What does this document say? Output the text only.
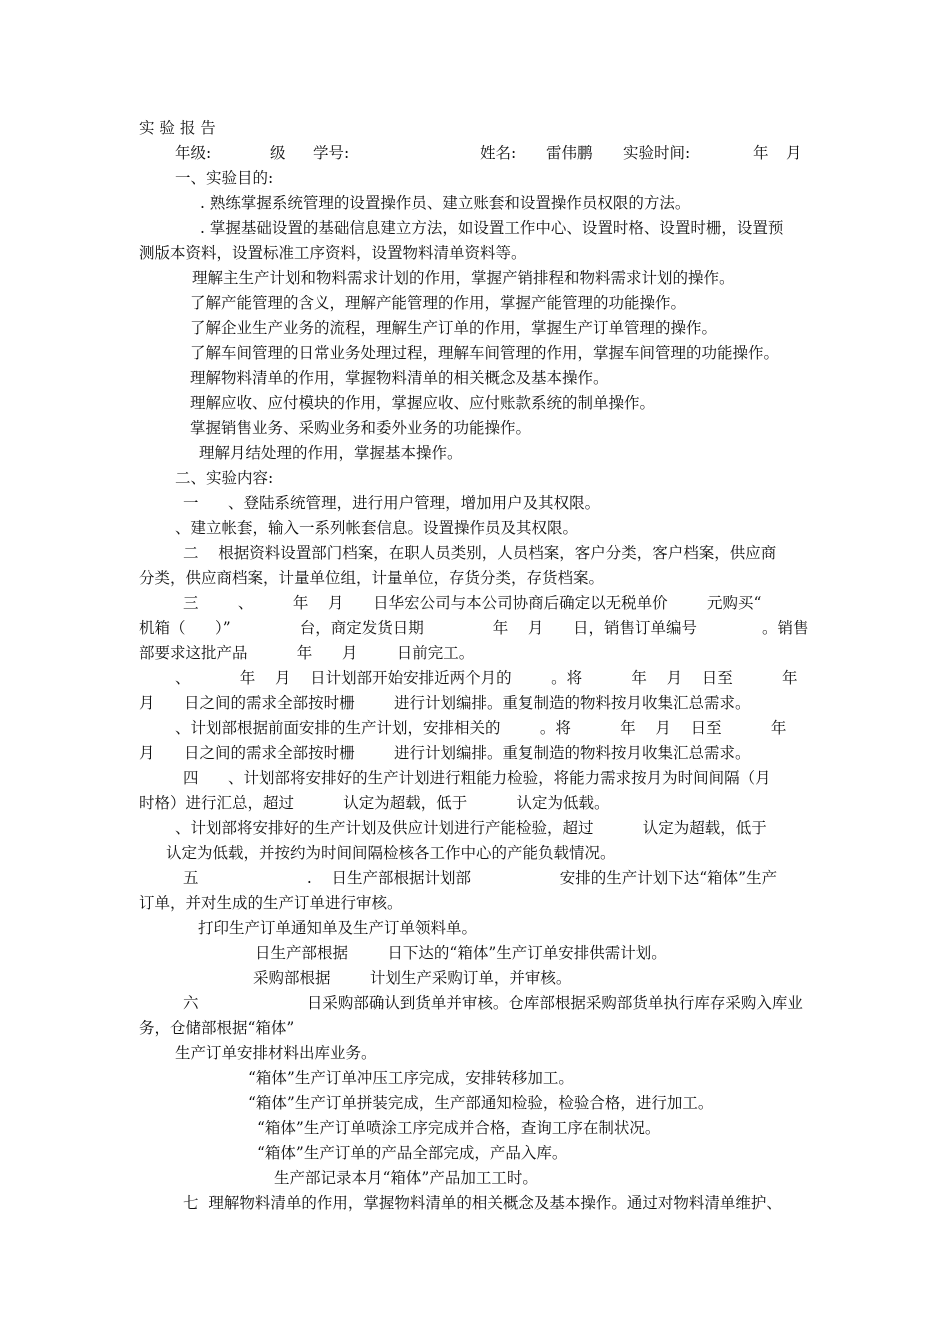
实 验 报 告
年级:	级 学号:	姓名: 雷伟鹏 实验时间:	年 月
一、实验目的:
. 熟练掌握系统管理的设置操作员、建立账套和设置操作员权限的方法。
. 掌握基础设置的基础信息建立方法，如设置工作中心、设置时格、设置时栅，设置预
测版本资料，设置标准工序资料，设置物料清单资料等。
理解主生产计划和物料需求计划的作用，掌握产销排程和物料需求计划的操作。
了解产能管理的含义，理解产能管理的作用，掌握产能管理的功能操作。
了解企业生产业务的流程，理解生产订单的作用，掌握生产订单管理的操作。
了解车间管理的日常业务处理过程，理解车间管理的作用，掌握车间管理的功能操作。
理解物料清单的作用，掌握物料清单的相关概念及基本操作。
理解应收、应付模块的作用，掌握应收、应付账款系统的制单操作。
掌握销售业务、采购业务和委外业务的功能操作。
理解月结处理的作用，掌握基本操作。
二、实验内容:
一      、登陆系统管理，进行用户管理，增加用户及其权限。
、建立帐套，输入一系列帐套信息。设置操作员及其权限。
二    根据资料设置部门档案，在职人员类别，人员档案，客户分类，客户档案，供应商
分类，供应商档案，计量单位组，计量单位，存货分类，存货档案。
三        、        年    月      日华宏公司与本公司协商后确定以无税单价        元购买“
机箱（      ）”              台，商定发货日期              年    月      日，销售订单编号	。销售
部要求这批产品          年      月        日前完工。
、          年    月    日计划部开始安排近两个月的        。将          年    月    日至          年
月      日之间的需求全部按时栅        进行计划编排。重复制造的物料按月收集汇总需求。
、计划部根据前面安排的生产计划，安排相关的        。将          年    月    日至          年
月      日之间的需求全部按时栅        进行计划编排。重复制造的物料按月收集汇总需求。
四      、计划部将安排好的生产计划进行粗能力检验，将能力需求按月为时间间隔（月
时格）进行汇总，超过          认定为超载，低于          认定为低载。
、计划部将安排好的生产计划及供应计划进行产能检验，超过          认定为超载，低于
认定为低载，并按约为时间间隔检核各工作中心的产能负载情况。
五                      .    日生产部根据计划部                  安排的生产计划下达“箱体”生产
订单，并对生成的生产订单进行审核。
打印生产订单通知单及生产订单领料单。
日生产部根据        日下达的“箱体”生产订单安排供需计划。
采购部根据        计划生产采购订单，并审核。
六                      日采购部确认到货单并审核。仓库部根据采购部货单执行库存采购入库业
务，仓储部根据“箱体”
生产订单安排材料出库业务。
“箱体”生产订单冲压工序完成，安排转移加工。
“箱体”生产订单拼装完成，生产部通知检验，检验合格，进行加工。
“箱体”生产订单喷涂工序完成并合格，查询工序在制状况。
“箱体”生产订单的产品全部完成，产品入库。
生产部记录本月“箱体”产品加工工时。
七  理解物料清单的作用，掌握物料清单的相关概念及基本操作。通过对物料清单维护、
